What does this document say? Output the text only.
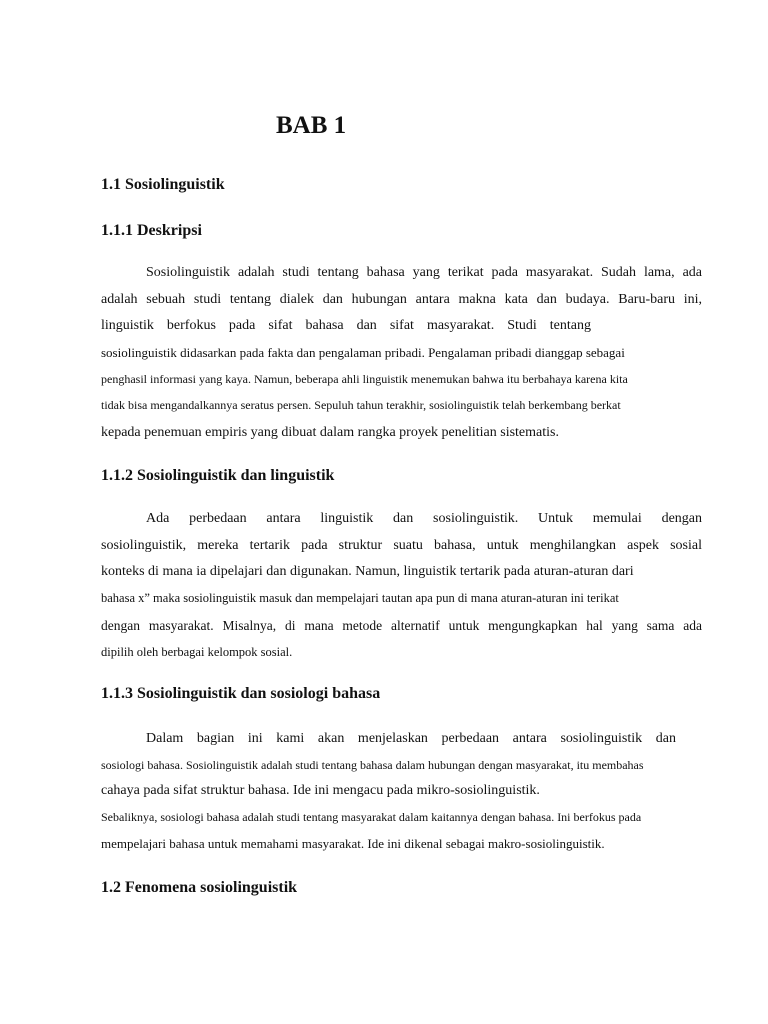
BAB 1
1.1 Sosiolinguistik
1.1.1 Deskripsi
Sosiolinguistik adalah studi tentang bahasa yang terikat pada masyarakat. Sudah lama, ada
adalah sebuah studi tentang dialek dan hubungan antara makna kata dan budaya. Baru-baru ini,
linguistik berfokus pada sifat bahasa dan sifat masyarakat. Studi tentang
sosiolinguistik didasarkan pada fakta dan pengalaman pribadi. Pengalaman pribadi dianggap sebagai
penghasil informasi yang kaya. Namun, beberapa ahli linguistik menemukan bahwa itu berbahaya karena kita
tidak bisa mengandalkannya seratus persen. Sepuluh tahun terakhir, sosiolinguistik telah berkembang berkat
kepada penemuan empiris yang dibuat dalam rangka proyek penelitian sistematis.
1.1.2 Sosiolinguistik dan linguistik
Ada perbedaan antara linguistik dan sosiolinguistik. Untuk memulai dengan
sosiolinguistik, mereka tertarik pada struktur suatu bahasa, untuk menghilangkan aspek sosial
konteks di mana ia dipelajari dan digunakan. Namun, linguistik tertarik pada aturan-aturan dari
bahasa x” maka sosiolinguistik masuk dan mempelajari tautan apa pun di mana aturan-aturan ini terikat
dengan masyarakat. Misalnya, di mana metode alternatif untuk mengungkapkan hal yang sama ada
dipilih oleh berbagai kelompok sosial.
1.1.3 Sosiolinguistik dan sosiologi bahasa
Dalam bagian ini kami akan menjelaskan perbedaan antara sosiolinguistik dan
sosiologi bahasa. Sosiolinguistik adalah studi tentang bahasa dalam hubungan dengan masyarakat, itu membahas
cahaya pada sifat struktur bahasa. Ide ini mengacu pada mikro-sosiolinguistik.
Sebaliknya, sosiologi bahasa adalah studi tentang masyarakat dalam kaitannya dengan bahasa. Ini berfokus pada
mempelajari bahasa untuk memahami masyarakat. Ide ini dikenal sebagai makro-sosiolinguistik.
1.2 Fenomena sosiolinguistik
